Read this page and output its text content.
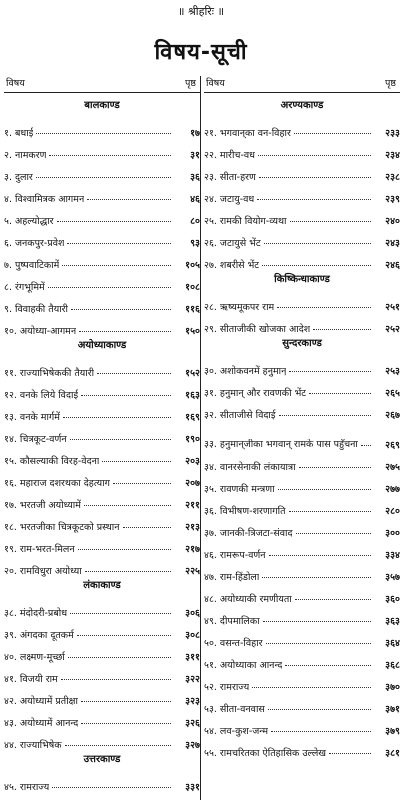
॥ श्रीहरिः ॥
विषय-सूची
विषय	पृष्ठ
बालकाण्ड
१. बधाई	१७
२. नामकरण	३१
३. दुलार	३६
४. विश्वामित्रक आगमन	४६
५. अहल्योद्धार	८०
६. जनकपुर-प्रवेश	९३
७. पुष्पवाटिकामें	१०५
८. रंगभूमिमें	१०८
९. विवाहकी तैयारी	११६
१०. अयोध्या-आगमन	१५०
अयोध्याकाण्ड
११. राज्याभिषेककी तैयारी	१५२
१२. वनके लिये विदाई	१६३
१३. वनके मार्गमें	१६९
१४. चित्रकूट-वर्णन	१९०
१५. कौसल्याकी विरह-वेदना	२०३
१६. महाराज दशरथका देहत्याग	२०७
१७. भरतजी अयोध्यामें	२११
१८. भरतजीका चित्रकूटको प्रस्थान	२१३
१९. राम-भरत-मिलन	२१७
२०. रामविधुरा अयोध्या	२२५
लंकाकाण्ड
३८. मंदोदरी-प्रबोध	३०६
३९. अंगदका दूतकर्म	३०८
४०. लक्ष्मण-मूर्च्छा	३११
४१. विजयी राम	३२२
४२. अयोध्यामें प्रतीक्षा	३२३
४३. अयोध्यामें आनन्द	३२६
४४. राज्याभिषेक	३२७
उत्तरकाण्ड
४५. रामराज्य	३३१
विषय	पृष्ठ
अरण्यकाण्ड
२१. भगवान्‌का वन-विहार	२३३
२२. मारीच-वध	२३४
२३. सीता-हरण	२३८
२४. जटायु-वध	२३९
२५. रामकी वियोग-व्यथा	२४०
२६. जटायुसे भेंट	२४३
२७. शबरीसे भेंट	२४६
किष्किन्धाकाण्ड
२८. ऋष्यमूकपर राम	२५१
२९. सीताजीकी खोजका आदेश	२५२
सुन्दरकाण्ड
३०. अशोकवनमें हनुमान्	२५३
३१. हनुमान् और रावणकी भेंट	२६५
३२. सीताजीसे विदाई	२६७
३३. हनुमान्‌जीका भगवान् रामके पास पहुँचना	२६९
३४. वानरसेनाकी लंकायात्रा	२७५
३५. रावणकी मन्त्रणा	२७७
३६. विभीषण-शरणागति	२८०
३७. जानकी-त्रिजटा-संवाद	३००
४६. रामरूप-वर्णन	३३४
४७. राम-हिंडोला	३५७
४८. अयोध्याकी रमणीयता	३६०
४९. दीपमालिका	३६३
५०. वसन्त-विहार	३६४
५१. अयोध्याका आनन्द	३६८
५२. रामराज्य	३७०
५३. सीता-वनवास	३७१
५४. लव-कुश-जन्म	३७९
५५. रामचरितका ऐतिहासिक उल्लेख	३८१
